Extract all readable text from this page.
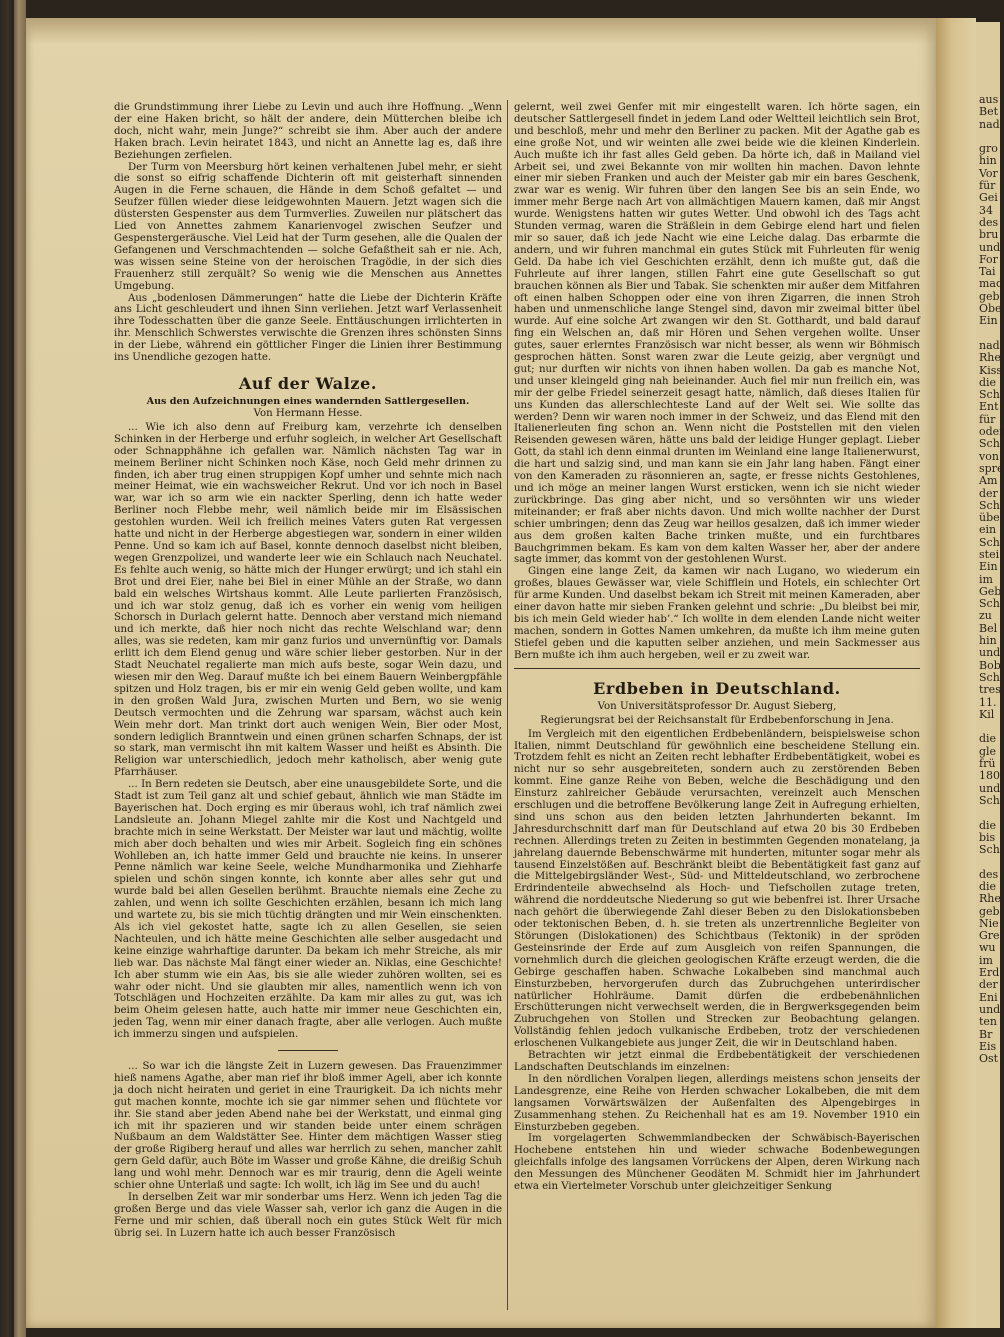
die Grundstimmung ihrer Liebe zu Levin und auch ihre Hoffnung. „Wenn der eine Haken bricht, so hält der andere, dein Mütterchen bleibe ich doch, nicht wahr, mein Junge?“ schreibt sie ihm. Aber auch der andere Haken brach. Levin heiratet 1843, und nicht an Annette lag es, daß ihre Beziehungen zerfielen.

Der Turm von Meersburg hört keinen verhaltenen Jubel mehr, er sieht die sonst so eifrig schaffende Dichterin oft mit geisterhaft sinnenden Augen in die Ferne schauen, die Hände in dem Schoß gefaltet — und Seufzer füllen wieder diese leidgewohnten Mauern. Jetzt wagen sich die düstersten Gespenster aus dem Turmverlies. Zuweilen nur plätschert das Lied von Annettes zahmem Kanarienvogel zwischen Seufzer und Gespenstergeräusche. Viel Leid hat der Turm gesehen, alle die Qualen der Gefangenen und Verschmachtenden — solche Gefaßtheit sah er nie. Ach, was wissen seine Steine von der heroischen Tragödie, in der sich dies Frauenherz still zerquält? So wenig wie die Menschen aus Annettes Umgebung.

Aus „bodenlosen Dämmerungen“ hatte die Liebe der Dichterin Kräfte ans Licht geschleudert und ihnen Sinn verliehen. Jetzt warf Verlassenheit ihre Todesschatten über die ganze Seele. Enttäuschungen irrlichterten in ihr. Menschlich Schwerstes verwischte die Grenzen ihres schönsten Sinns in der Liebe, während ein göttlicher Finger die Linien ihrer Bestimmung ins Unendliche gezogen hatte.

Auf der Walze.
Aus den Aufzeichnungen eines wandernden Sattlergesellen.
Von Hermann Hesse.

... Wie ich also denn auf Freiburg kam, verzehrte ich denselben Schinken in der Herberge und erfuhr sogleich, in welcher Art Gesellschaft oder Schnapphähne ich gefallen war. Nämlich nächsten Tag war in meinem Berliner nicht Schinken noch Käse, noch Geld mehr drinnen zu finden, ich aber trug einen struppigen Kopf umher und sehnte mich nach meiner Heimat, wie ein wachsweicher Rekrut. Und vor ich noch in Basel war, war ich so arm wie ein nackter Sperling, denn ich hatte weder Berliner noch Flebbe mehr, weil nämlich beide mir im Elsässischen gestohlen wurden. Weil ich freilich meines Vaters guten Rat vergessen hatte und nicht in der Herberge abgestiegen war, sondern in einer wilden Penne. Und so kam ich auf Basel, konnte dennoch daselbst nicht bleiben, wegen Grenzpolizei, und wanderte leer wie ein Schlauch nach Neuchatel. Es fehlte auch wenig, so hätte mich der Hunger erwürgt; und ich stahl ein Brot und drei Eier, nahe bei Biel in einer Mühle an der Straße, wo dann bald ein welsches Wirtshaus kommt. Alle Leute parlierten Französisch, und ich war stolz genug, daß ich es vorher ein wenig vom heiligen Schorsch in Durlach gelernt hatte. Dennoch aber verstand mich niemand und ich merkte, daß hier noch nicht das rechte Welschland war; denn alles, was sie redeten, kam mir ganz furios und unvernünftig vor. Damals erlitt ich dem Elend genug und wäre schier lieber gestorben. Nur in der Stadt Neuchatel regalierte man mich aufs beste, sogar Wein dazu, und wiesen mir den Weg. Darauf mußte ich bei einem Bauern Weinbergpfähle spitzen und Holz tragen, bis er mir ein wenig Geld geben wollte, und kam in den großen Wald Jura, zwischen Murten und Bern, wo sie wenig Deutsch vermochten und die Zehrung war sparsam, wächst auch kein Wein mehr dort. Man trinkt dort auch wenigen Wein, Bier oder Most, sondern lediglich Branntwein und einen grünen scharfen Schnaps, der ist so stark, man vermischt ihn mit kaltem Wasser und heißt es Absinth. Die Religion war unterschiedlich, jedoch mehr katholisch, aber wenig gute Pfarrhäuser.

... In Bern redeten sie Deutsch, aber eine unausgebildete Sorte, und die Stadt ist zum Teil ganz alt und schief gebaut, ähnlich wie man Städte im Bayerischen hat. Doch erging es mir überaus wohl, ich traf nämlich zwei Landsleute an. Johann Miegel zahlte mir die Kost und Nachtgeld und brachte mich in seine Werkstatt. Der Meister war laut und mächtig, wollte mich aber doch behalten und wies mir Arbeit. Sogleich fing ein schönes Wohlleben an, ich hatte immer Geld und brauchte nie keins. In unserer Penne nämlich war keine Seele, welche Mundharmonika und Ziehharfe spielen und schön singen konnte, ich konnte aber alles sehr gut und wurde bald bei allen Gesellen berühmt. Brauchte niemals eine Zeche zu zahlen, und wenn ich sollte Geschichten erzählen, besann ich mich lang und wartete zu, bis sie mich tüchtig drängten und mir Wein einschenkten. Als ich viel gekostet hatte, sagte ich zu allen Gesellen, sie seien Nachteulen, und ich hätte meine Geschichten alle selber ausgedacht und keine einzige wahrhaftige darunter. Da bekam ich mehr Streiche, als mir lieb war. Das nächste Mal fängt einer wieder an. Niklas, eine Geschichte! Ich aber stumm wie ein Aas, bis sie alle wieder zuhören wollten, sei es wahr oder nicht. Und sie glaubten mir alles, namentlich wenn ich von Totschlägen und Hochzeiten erzählte. Da kam mir alles zu gut, was ich beim Oheim gelesen hatte, auch hatte mir immer neue Geschichten ein, jeden Tag, wenn mir einer danach fragte, aber alle verlogen. Auch mußte ich immerzu singen und aufspielen.

... So war ich die längste Zeit in Luzern gewesen. Das Frauenzimmer hieß namens Agathe, aber man rief ihr bloß immer Ageli, aber ich konnte ja doch nicht heiraten und geriet in eine Traurigkeit. Da ich nichts mehr gut machen konnte, mochte ich sie gar nimmer sehen und flüchtete vor ihr. Sie stand aber jeden Abend nahe bei der Werkstatt, und einmal ging ich mit ihr spazieren und wir standen beide unter einem schrägen Nußbaum an dem Waldstätter See. Hinter dem mächtigen Wasser stieg der große Rigiberg herauf und alles war herrlich zu sehen, mancher zahlt gern Geld dafür, auch Böte im Wasser und große Kähne, die dreißig Schuh lang und wohl mehr. Dennoch war es mir traurig, denn die Ageli weinte schier ohne Unterlaß und sagte: Ich wollt, ich läg im See und du auch!

In derselben Zeit war mir sonderbar ums Herz. Wenn ich jeden Tag die großen Berge und das viele Wasser sah, verlor ich ganz die Augen in die Ferne und mir schien, daß überall noch ein gutes Stück Welt für mich übrig sei. In Luzern hatte ich auch besser Französisch

gelernt, weil zwei Genfer mit mir eingestellt waren. Ich hörte sagen, ein deutscher Sattlergesell findet in jedem Land oder Weltteil leichtlich sein Brot, und beschloß, mehr und mehr den Berliner zu packen. Mit der Agathe gab es eine große Not, und wir weinten alle zwei beide wie die kleinen Kinderlein. Auch mußte ich ihr fast alles Geld geben. Da hörte ich, daß in Mailand viel Arbeit sei, und zwei Bekannte von mir wollten hin machen. Davon lehnte einer mir sieben Franken und auch der Meister gab mir ein bares Geschenk, zwar war es wenig. Wir fuhren über den langen See bis an sein Ende, wo immer mehr Berge nach Art von allmächtigen Mauern kamen, daß mir Angst wurde. Wenigstens hatten wir gutes Wetter. Und obwohl ich des Tags acht Stunden vermag, waren die Sträßlein in dem Gebirge elend hart und fielen mir so sauer, daß ich jede Nacht wie eine Leiche dalag. Das erbarmte die andern, und wir fuhren manchmal ein gutes Stück mit Fuhrleuten für wenig Geld. Da habe ich viel Geschichten erzählt, denn ich mußte gut, daß die Fuhrleute auf ihrer langen, stillen Fahrt eine gute Gesellschaft so gut brauchen können als Bier und Tabak. Sie schenkten mir außer dem Mitfahren oft einen halben Schoppen oder eine von ihren Zigarren, die innen Stroh haben und unmenschliche lange Stengel sind, davon mir zweimal bitter übel wurde. Auf eine solche Art zwangen wir den St. Gotthardt, und bald darauf fing ein Welschen an, daß mir Hören und Sehen vergehen wollte. Unser gutes, sauer erlerntes Französisch war nicht besser, als wenn wir Böhmisch gesprochen hätten. Sonst waren zwar die Leute geizig, aber vergnügt und gut; nur durften wir nichts von ihnen haben wollen. Da gab es manche Not, und unser kleingeld ging nah beieinander. Auch fiel mir nun freilich ein, was mir der gelbe Friedel seinerzeit gesagt hatte, nämlich, daß dieses Italien für uns Kunden das allerschlechteste Land auf der Welt sei. Wie sollte das werden? Denn wir waren noch immer in der Schweiz, und das Elend mit den Italienerleuten fing schon an. Wenn nicht die Poststellen mit den vielen Reisenden gewesen wären, hätte uns bald der leidige Hunger geplagt. Lieber Gott, da stahl ich denn einmal drunten im Weinland eine lange Italienerwurst, die hart und salzig sind, und man kann sie ein Jahr lang haben. Fängt einer von den Kameraden zu räsonnieren an, sagte, er fresse nichts Gestohlenes, und ich möge an meiner langen Wurst ersticken, wenn ich sie nicht wieder zurückbringe. Das ging aber nicht, und so versöhnten wir uns wieder miteinander; er fraß aber nichts davon. Und mich wollte nachher der Durst schier umbringen; denn das Zeug war heillos gesalzen, daß ich immer wieder aus dem großen kalten Bache trinken mußte, und ein furchtbares Bauchgrimmen bekam. Es kam von dem kalten Wasser her, aber der andere sagte immer, das kommt von der gestohlenen Wurst.

Gingen eine lange Zeit, da kamen wir nach Lugano, wo wiederum ein großes, blaues Gewässer war, viele Schifflein und Hotels, ein schlechter Ort für arme Kunden. Und daselbst bekam ich Streit mit meinen Kameraden, aber einer davon hatte mir sieben Franken gelehnt und schrie: „Du bleibst bei mir, bis ich mein Geld wieder hab’.“ Ich wollte in dem elenden Lande nicht weiter machen, sondern in Gottes Namen umkehren, da mußte ich ihm meine guten Stiefel geben und die kaputten selber anziehen, und mein Sackmesser aus Bern mußte ich ihm auch hergeben, weil er zu zweit war.

Erdbeben in Deutschland.
Von Universitätsprofessor Dr. August Sieberg,
Regierungsrat bei der Reichsanstalt für Erdbebenforschung in Jena.

Im Vergleich mit den eigentlichen Erdbebenländern, beispielsweise schon Italien, nimmt Deutschland für gewöhnlich eine bescheidene Stellung ein. Trotzdem fehlt es nicht an Zeiten recht lebhafter Erdbebentätigkeit, wobei es nicht nur so sehr ausgebreiteten, sondern auch zu zerstörenden Beben kommt. Eine ganze Reihe von Beben, welche die Beschädigung und den Einsturz zahlreicher Gebäude verursachten, vereinzelt auch Menschen erschlugen und die betroffene Bevölkerung lange Zeit in Aufregung erhielten, sind uns schon aus den beiden letzten Jahrhunderten bekannt. Im Jahresdurchschnitt darf man für Deutschland auf etwa 20 bis 30 Erdbeben rechnen. Allerdings treten zu Zeiten in bestimmten Gegenden monatelang, ja jahrelang dauernde Bebenschwärme mit hunderten, mitunter sogar mehr als tausend Einzelstößen auf. Beschränkt bleibt die Bebentätigkeit fast ganz auf die Mittelgebirgsländer West-, Süd- und Mitteldeutschland, wo zerbrochene Erdrindenteile abwechselnd als Hoch- und Tiefschollen zutage treten, während die norddeutsche Niederung so gut wie bebenfrei ist. Ihrer Ursache nach gehört die überwiegende Zahl dieser Beben zu den Dislokationsbeben oder tektonischen Beben, d. h. sie treten als unzertrennliche Begleiter von Störungen (Dislokationen) des Schichtbaus (Tektonik) in der spröden Gesteinsrinde der Erde auf zum Ausgleich von reifen Spannungen, die vornehmlich durch die gleichen geologischen Kräfte erzeugt werden, die die Gebirge geschaffen haben. Schwache Lokalbeben sind manchmal auch Einsturzbeben, hervorgerufen durch das Zubruchgehen unterirdischer natürlicher Hohlräume. Damit dürfen die erdbebenähnlichen Erschütterungen nicht verwechselt werden, die in Bergwerksgegenden beim Zubruchgehen von Stollen und Strecken zur Beobachtung gelangen. Vollständig fehlen jedoch vulkanische Erdbeben, trotz der verschiedenen erloschenen Vulkangebiete aus junger Zeit, die wir in Deutschland haben.

Betrachten wir jetzt einmal die Erdbebentätigkeit der verschiedenen Landschaften Deutschlands im einzelnen:

In den nördlichen Voralpen liegen, allerdings meistens schon jenseits der Landesgrenze, eine Reihe von Herden schwacher Lokalbeben, die mit dem langsamen Vorwärtswälzen der Außenfalten des Alpengebirges in Zusammenhang stehen. Zu Reichenhall hat es am 19. November 1910 ein Einsturzbeben gegeben.

Im vorgelagerten Schwemmlandbecken der Schwäbisch-Bayerischen Hochebene entstehen hin und wieder schwache Bodenbewegungen gleichfalls infolge des langsamen Vorrückens der Alpen, deren Wirkung nach den Messungen des Münchener Geodäten M. Schmidt hier im Jahrhundert etwa ein Viertelmeter Vorschub unter gleichzeitiger Senkung

aus
Bet
nad
gro
hin
Vor
für
Gei
34
des
bru
und
For
Tai
mad
geb
Obe
Ein
nad
Rhe
Kiss
die
Sch
Ent
für
oder
Sch
von
spre
Am
der
Sch
übe
ein
Sch
stei
Ein
im
Geb
Sch
zu
Bel
hin
und
Bob
Sch
tres
11.
Kil
die
gle
frü
180
und
Sch
die
bis
Sch
des
die
Rhe
geb
Nie
Gre
wu
im
Erd
der
Eni
und
ten
Br
Eis
Ost
